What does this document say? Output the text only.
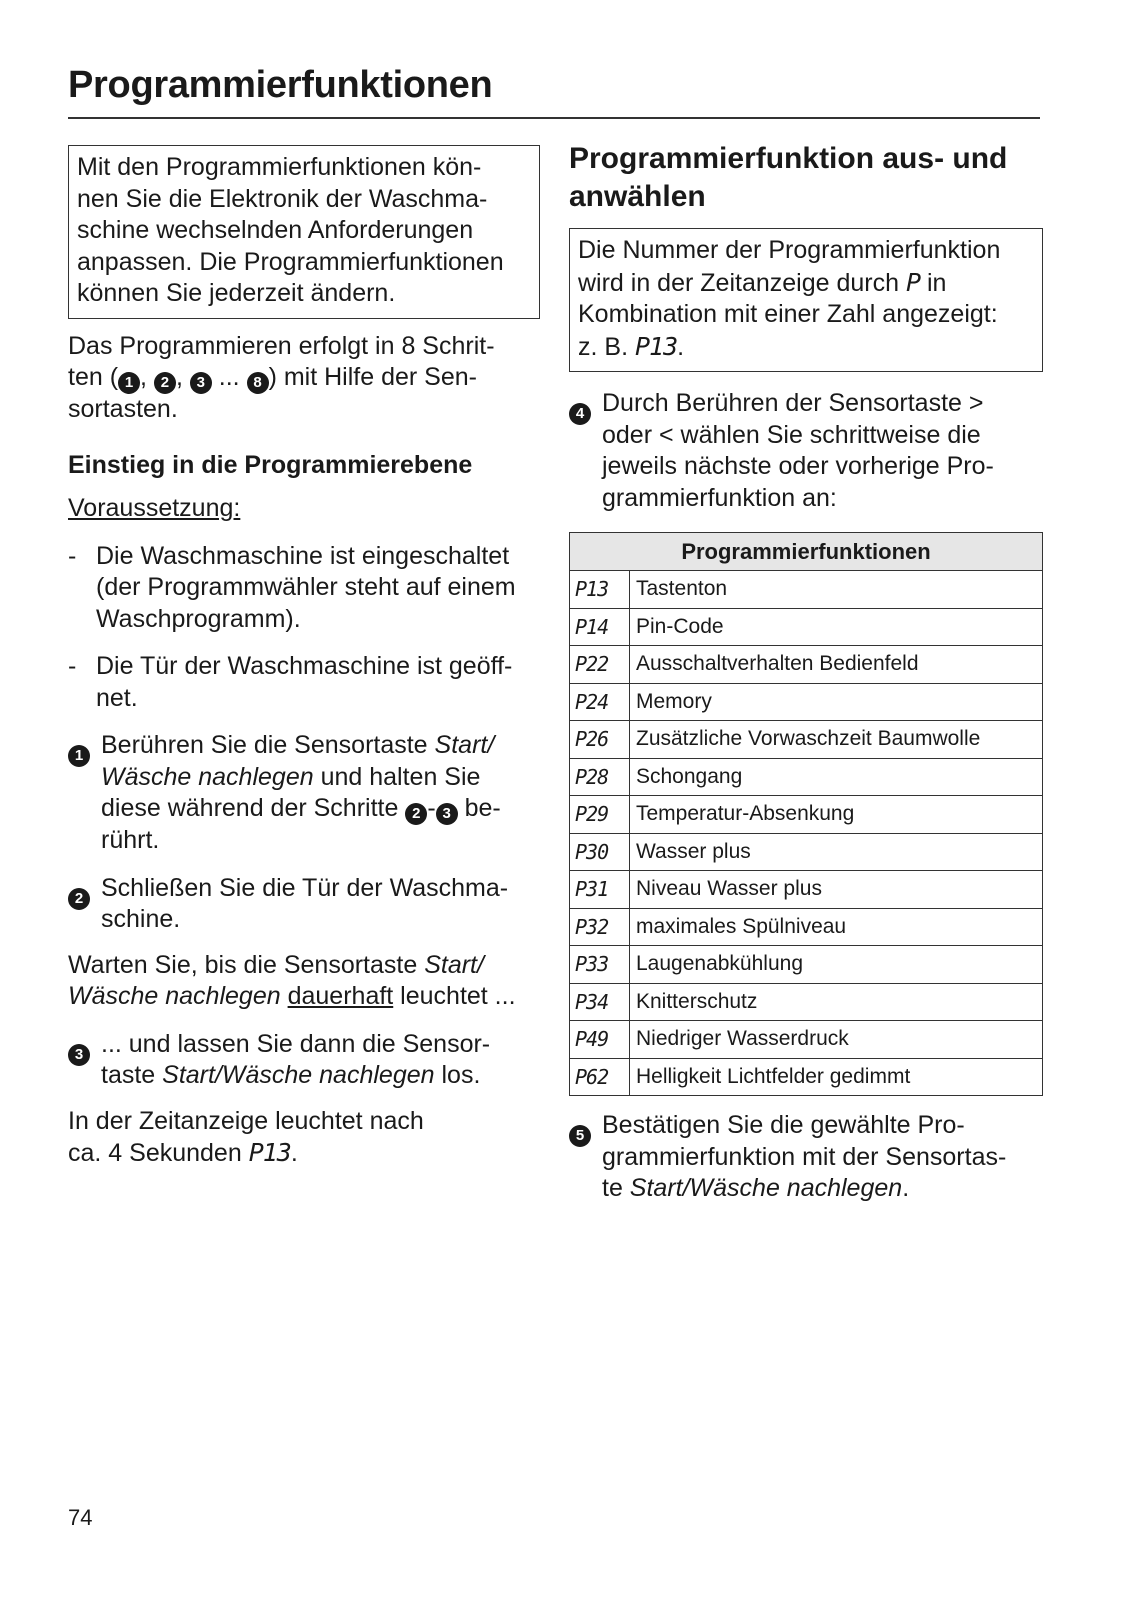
Programmierfunktionen
Mit den Programmierfunktionen kön-
nen Sie die Elektronik der Waschma-
schine wechselnden Anforderungen
anpassen. Die Programmierfunktionen
können Sie jederzeit ändern.
Das Programmieren erfolgt in 8 Schrit-
ten ( 1 , 2 , 3 ... 8 ) mit Hilfe der Sen-
sortasten.
Einstieg in die Programmierebene
Voraussetzung:
- Die Waschmaschine ist eingeschaltet
(der Programmwähler steht auf einem
Waschprogramm).
- Die Tür der Waschmaschine ist geöff-
net.
1 Berühren Sie die Sensortaste Start/
Wäsche nachlegen und halten Sie
diese während der Schritte 2 - 3 be-
rührt.
2 Schließen Sie die Tür der Waschma-
schine.
Warten Sie, bis die Sensortaste Start/
Wäsche nachlegen dauerhaft leuchtet ...
3 ... und lassen Sie dann die Sensor-
taste Start/Wäsche nachlegen los.
In der Zeitanzeige leuchtet nach
ca. 4 Sekunden P13.
Programmierfunktion aus- und
anwählen
Die Nummer der Programmierfunktion
wird in der Zeitanzeige durch P in
Kombination mit einer Zahl angezeigt:
z. B. P13.
4 Durch Berühren der Sensortaste >
oder < wählen Sie schrittweise die
jeweils nächste oder vorherige Pro-
grammierfunktion an:
Programmierfunktionen	
P13	Tastenton
P14	Pin-Code
P22	Ausschaltverhalten Bedienfeld
P24	Memory
P26	Zusätzliche Vorwaschzeit Baumwolle
P28	Schongang
P29	Temperatur-Absenkung
P30	Wasser plus
P31	Niveau Wasser plus
P32	maximales Spülniveau
P33	Laugenabkühlung
P34	Knitterschutz
P49	Niedriger Wasserdruck
P62	Helligkeit Lichtfelder gedimmt
5 Bestätigen Sie die gewählte Pro-
grammierfunktion mit der Sensortas-
te Start/Wäsche nachlegen.
74
